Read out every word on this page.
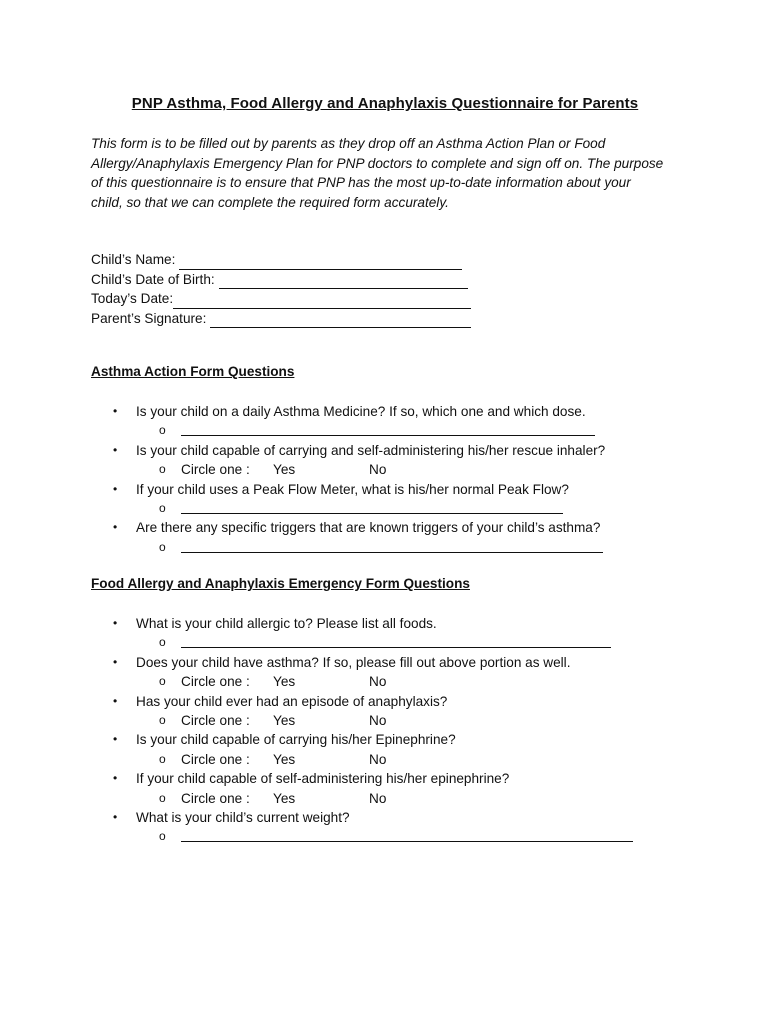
PNP Asthma, Food Allergy and Anaphylaxis Questionnaire for Parents
This form is to be filled out by parents as they drop off an Asthma Action Plan or Food
Allergy/Anaphylaxis Emergency Plan for PNP doctors to complete and sign off on. The purpose
of this questionnaire is to ensure that PNP has the most up-to-date information about your
child, so that we can complete the required form accurately.
Child’s Name:
Child’s Date of Birth:
Today’s Date:
Parent’s Signature:
Asthma Action Form Questions
• Is your child on a daily Asthma Medicine? If so, which one and which dose.
o
• Is your child capable of carrying and self-administering his/her rescue inhaler?
o Circle one : Yes	No
• If your child uses a Peak Flow Meter, what is his/her normal Peak Flow?
o
• Are there any specific triggers that are known triggers of your child’s asthma?
o
Food Allergy and Anaphylaxis Emergency Form Questions
• What is your child allergic to? Please list all foods.
o
• Does your child have asthma? If so, please fill out above portion as well.
o Circle one : Yes	No
• Has your child ever had an episode of anaphylaxis?
o Circle one : Yes	No
• Is your child capable of carrying his/her Epinephrine?
o Circle one : Yes	No
• If your child capable of self-administering his/her epinephrine?
o Circle one : Yes	No
• What is your child’s current weight?
o
